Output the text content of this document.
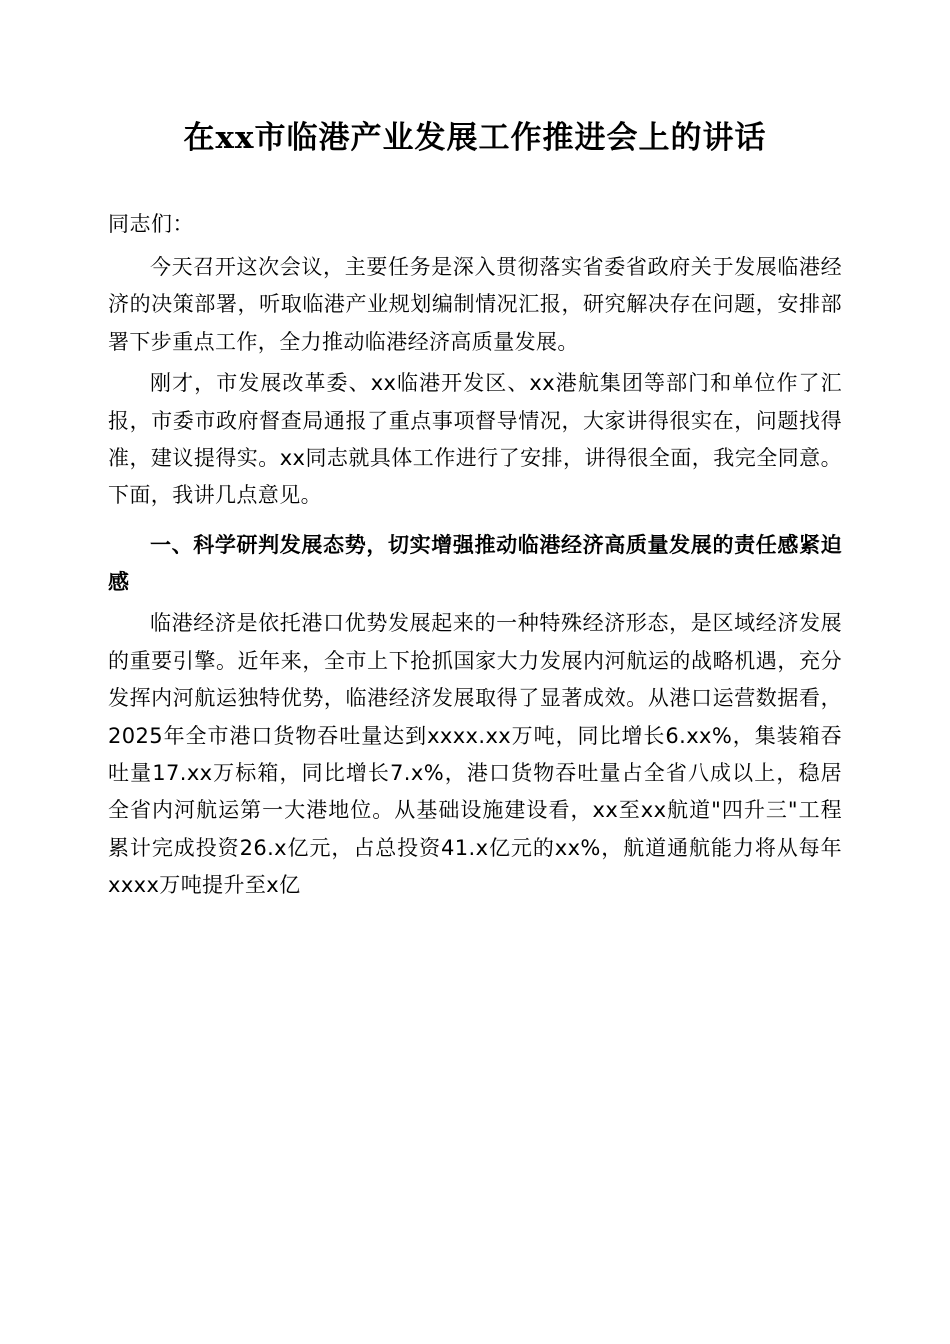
在xx市临港产业发展工作推进会上的讲话

同志们：

今天召开这次会议，主要任务是深入贯彻落实省委省政府关于发展临港经济的决策部署，听取临港产业规划编制情况汇报，研究解决存在问题，安排部署下步重点工作，全力推动临港经济高质量发展。

刚才，市发展改革委、xx临港开发区、xx港航集团等部门和单位作了汇报，市委市政府督查局通报了重点事项督导情况，大家讲得很实在，问题找得准，建议提得实。xx同志就具体工作进行了安排，讲得很全面，我完全同意。下面，我讲几点意见。

一、科学研判发展态势，切实增强推动临港经济高质量发展的责任感紧迫感

临港经济是依托港口优势发展起来的一种特殊经济形态，是区域经济发展的重要引擎。近年来，全市上下抢抓国家大力发展内河航运的战略机遇，充分发挥内河航运独特优势，临港经济发展取得了显著成效。从港口运营数据看，2025年全市港口货物吞吐量达到xxxx.xx万吨，同比增长6.xx%，集装箱吞吐量17.xx万标箱，同比增长7.x%，港口货物吞吐量占全省八成以上，稳居全省内河航运第一大港地位。从基础设施建设看，xx至xx航道"四升三"工程累计完成投资26.x亿元，占总投资41.x亿元的xx%，航道通航能力将从每年xxxx万吨提升至x亿
